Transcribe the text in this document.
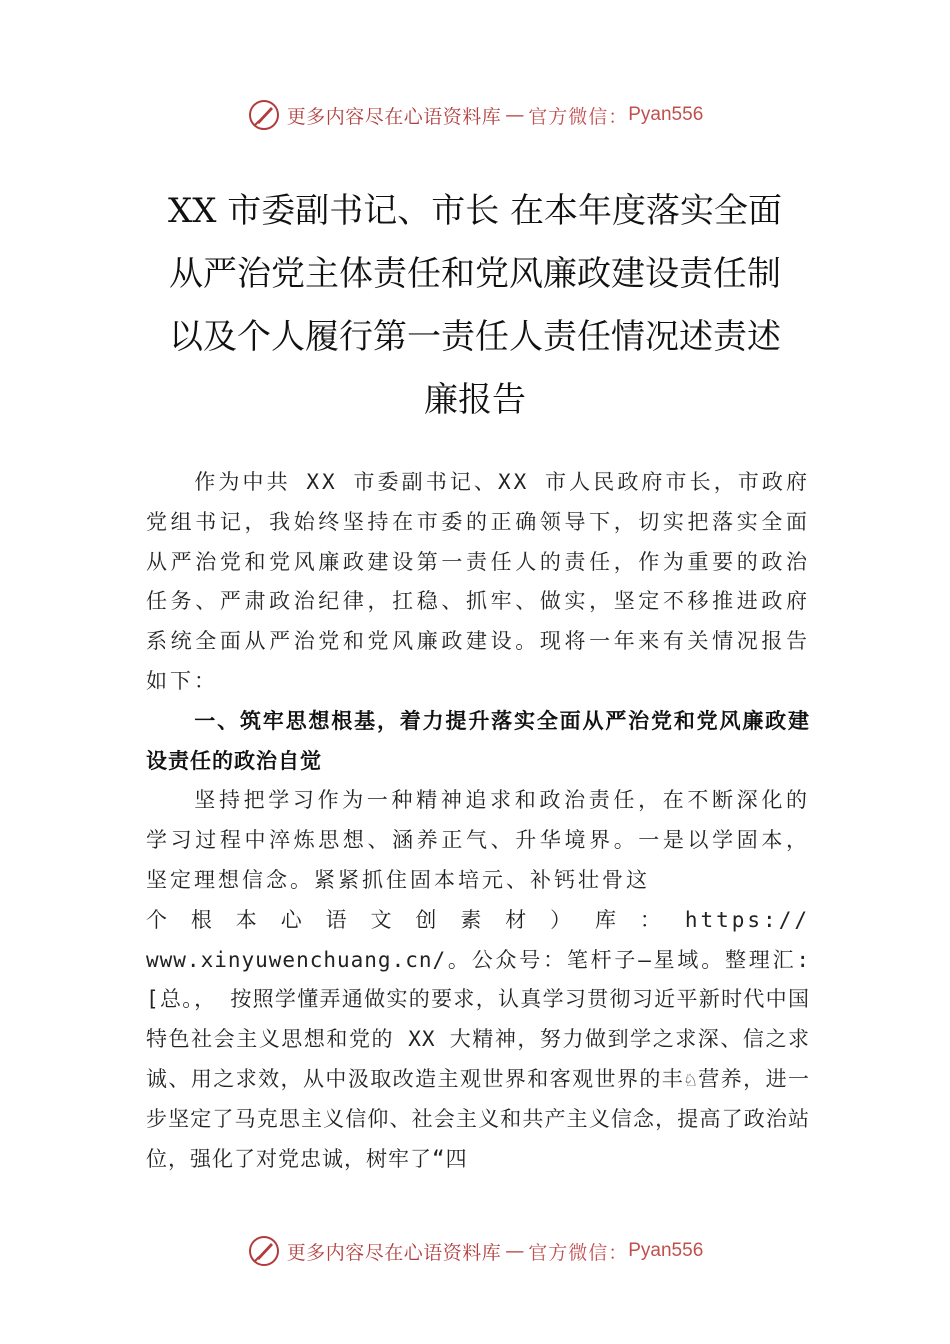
更多内容尽在心语资料库 — 官方微信： Pyan556
XX 市委副书记、市长 在本年度落实全面
从严治党主体责任和党风廉政建设责任制
以及个人履行第一责任人责任情况述责述
廉报告

作为中共 XX 市委副书记、XX 市人民政府市长，市政府党组书记，我始终坚持在市委的正确领导下，切实把落实全面从严治党和党风廉政建设第一责任人的责任，作为重要的政治任务、严肃政治纪律，扛稳、抓牢、做实，坚定不移推进政府系统全面从严治党和党风廉政建设。现将一年来有关情况报告如下：

一、筑牢思想根基，着力提升落实全面从严治党和党风廉政建设责任的政治自觉

坚持把学习作为一种精神追求和政治责任，在不断深化的学习过程中淬炼思想、涵养正气、升华境界。一是以学固本，坚定理想信念。紧紧抓住固本培元、补钙壮骨这

个 根 本 心 语 文 创 素 材 ） 库 ： https://

www.xinyuwenchuang.cn/。公众号：笔杆子—星域。整理汇:[总。， 按照学懂弄通做实的要求，认真学习贯彻习近平新时代中国特色社会主义思想和党的 XX 大精神，努力做到学之求深、信之求诚、用之求效，从中汲取改造主观世界和客观世界的丰♘营养，进一步坚定了马克思主义信仰、社会主义和共产主义信念，提高了政治站位，强化了对党忠诚，树牢了“四

更多内容尽在心语资料库 — 官方微信： Pyan556
